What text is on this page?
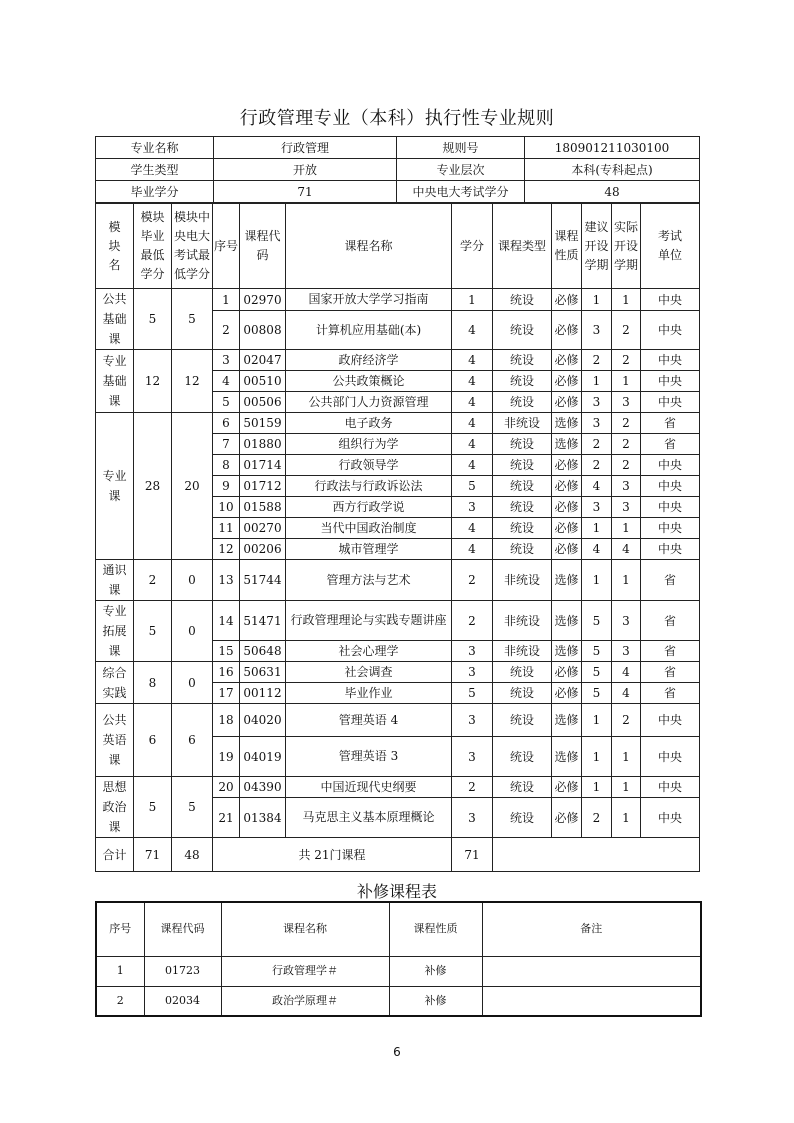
行政管理专业（本科）执行性专业规则
专业名称	行政管理	规则号	180901211030100
学生类型	开放	专业层次	本科(专科起点)
毕业学分	71	中央电大考试学分	48
模块名	模块毕业最低学分	模块中央电大考试最低学分	序号	课程代码	课程名称	学分	课程类型	课程性质	建议开设学期	实际开设学期	考试单位

公共基础课	5	5	1	02970	国家开放大学学习指南	1	统设	必修	1	1	中央
			2	00808	计算机应用基础(本)	4	统设	必修	3	2	中央

专业基础课	12	12	3	02047	政府经济学	4	统设	必修	2	2	中央
			4	00510	公共政策概论	4	统设	必修	1	1	中央
			5	00506	公共部门人力资源管理	4	统设	必修	3	3	中央

专业课	28	20	6	50159	电子政务	4	非统设	选修	3	2	省
			7	01880	组织行为学	4	统设	选修	2	2	省
			8	01714	行政领导学	4	统设	必修	2	2	中央
			9	01712	行政法与行政诉讼法	5	统设	必修	4	3	中央
			10	01588	西方行政学说	3	统设	必修	3	3	中央
			11	00270	当代中国政治制度	4	统设	必修	1	1	中央
			12	00206	城市管理学	4	统设	必修	4	4	中央

通识课	2	0	13	51744	管理方法与艺术	2	非统设	选修	1	1	省

专业拓展课	5	0	14	51471	行政管理理论与实践专题讲座	2	非统设	选修	5	3	省
			15	50648	社会心理学	3	非统设	选修	5	3	省

综合实践	8	0	16	50631	社会调查	3	统设	必修	5	4	省
			17	00112	毕业作业	5	统设	必修	5	4	省

公共英语课	6	6	18	04020	管理英语 4	3	统设	选修	1	2	中央
			19	04019	管理英语 3	3	统设	选修	1	1	中央

思想政治课	5	5	20	04390	中国近现代史纲要	2	统设	必修	1	1	中央
			21	01384	马克思主义基本原理概论	3	统设	必修	2	1	中央
合计	71	48	共 21门课程			71					
补修课程表
序号	课程代码	课程名称	课程性质	备注
1	01723	行政管理学＃	补修	
2	02034	政治学原理＃	补修	
6
